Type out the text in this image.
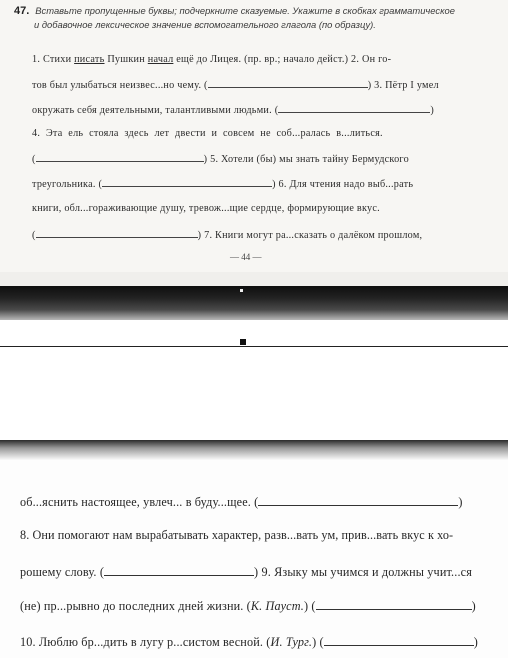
47. Вставьте пропущенные буквы; подчеркните сказуемые. Укажите в скобках грамматическое
и добавочное лексическое значение вспомогательного глагола (по образцу).
1. Стихи писать Пушкин начал ещё до Лицея. (пр. вр.; начало дейст.) 2. Он го-
тов был улыбаться неизвес...но чему. (	) 3. Пётр I умел
окружать себя деятельными, талантливыми людьми. (	)
4. Эта ель стояла здесь лет двести и совсем не соб...ралась в...литься.
(	) 5. Хотели (бы) мы знать тайну Бермудского
треугольника. (	) 6. Для чтения надо выб...рать
книги, обл...гораживающие душу, тревож...щие сердце, формирующие вкус.
(	) 7. Книги могут ра...сказать о далёком прошлом,
— 44 —
об...яснить настоящее, увлеч... в буду...щее. (	)
8. Они помогают нам вырабатывать характер, разв...вать ум, прив...вать вкус к хо-
рошему слову. (	) 9. Языку мы учимся и должны учит...ся
(не) пр...рывно до последних дней жизни. (К. Пауст.) (	)
10. Люблю бр...дить в лугу р...систом весной. (И. Тург.) (	)
